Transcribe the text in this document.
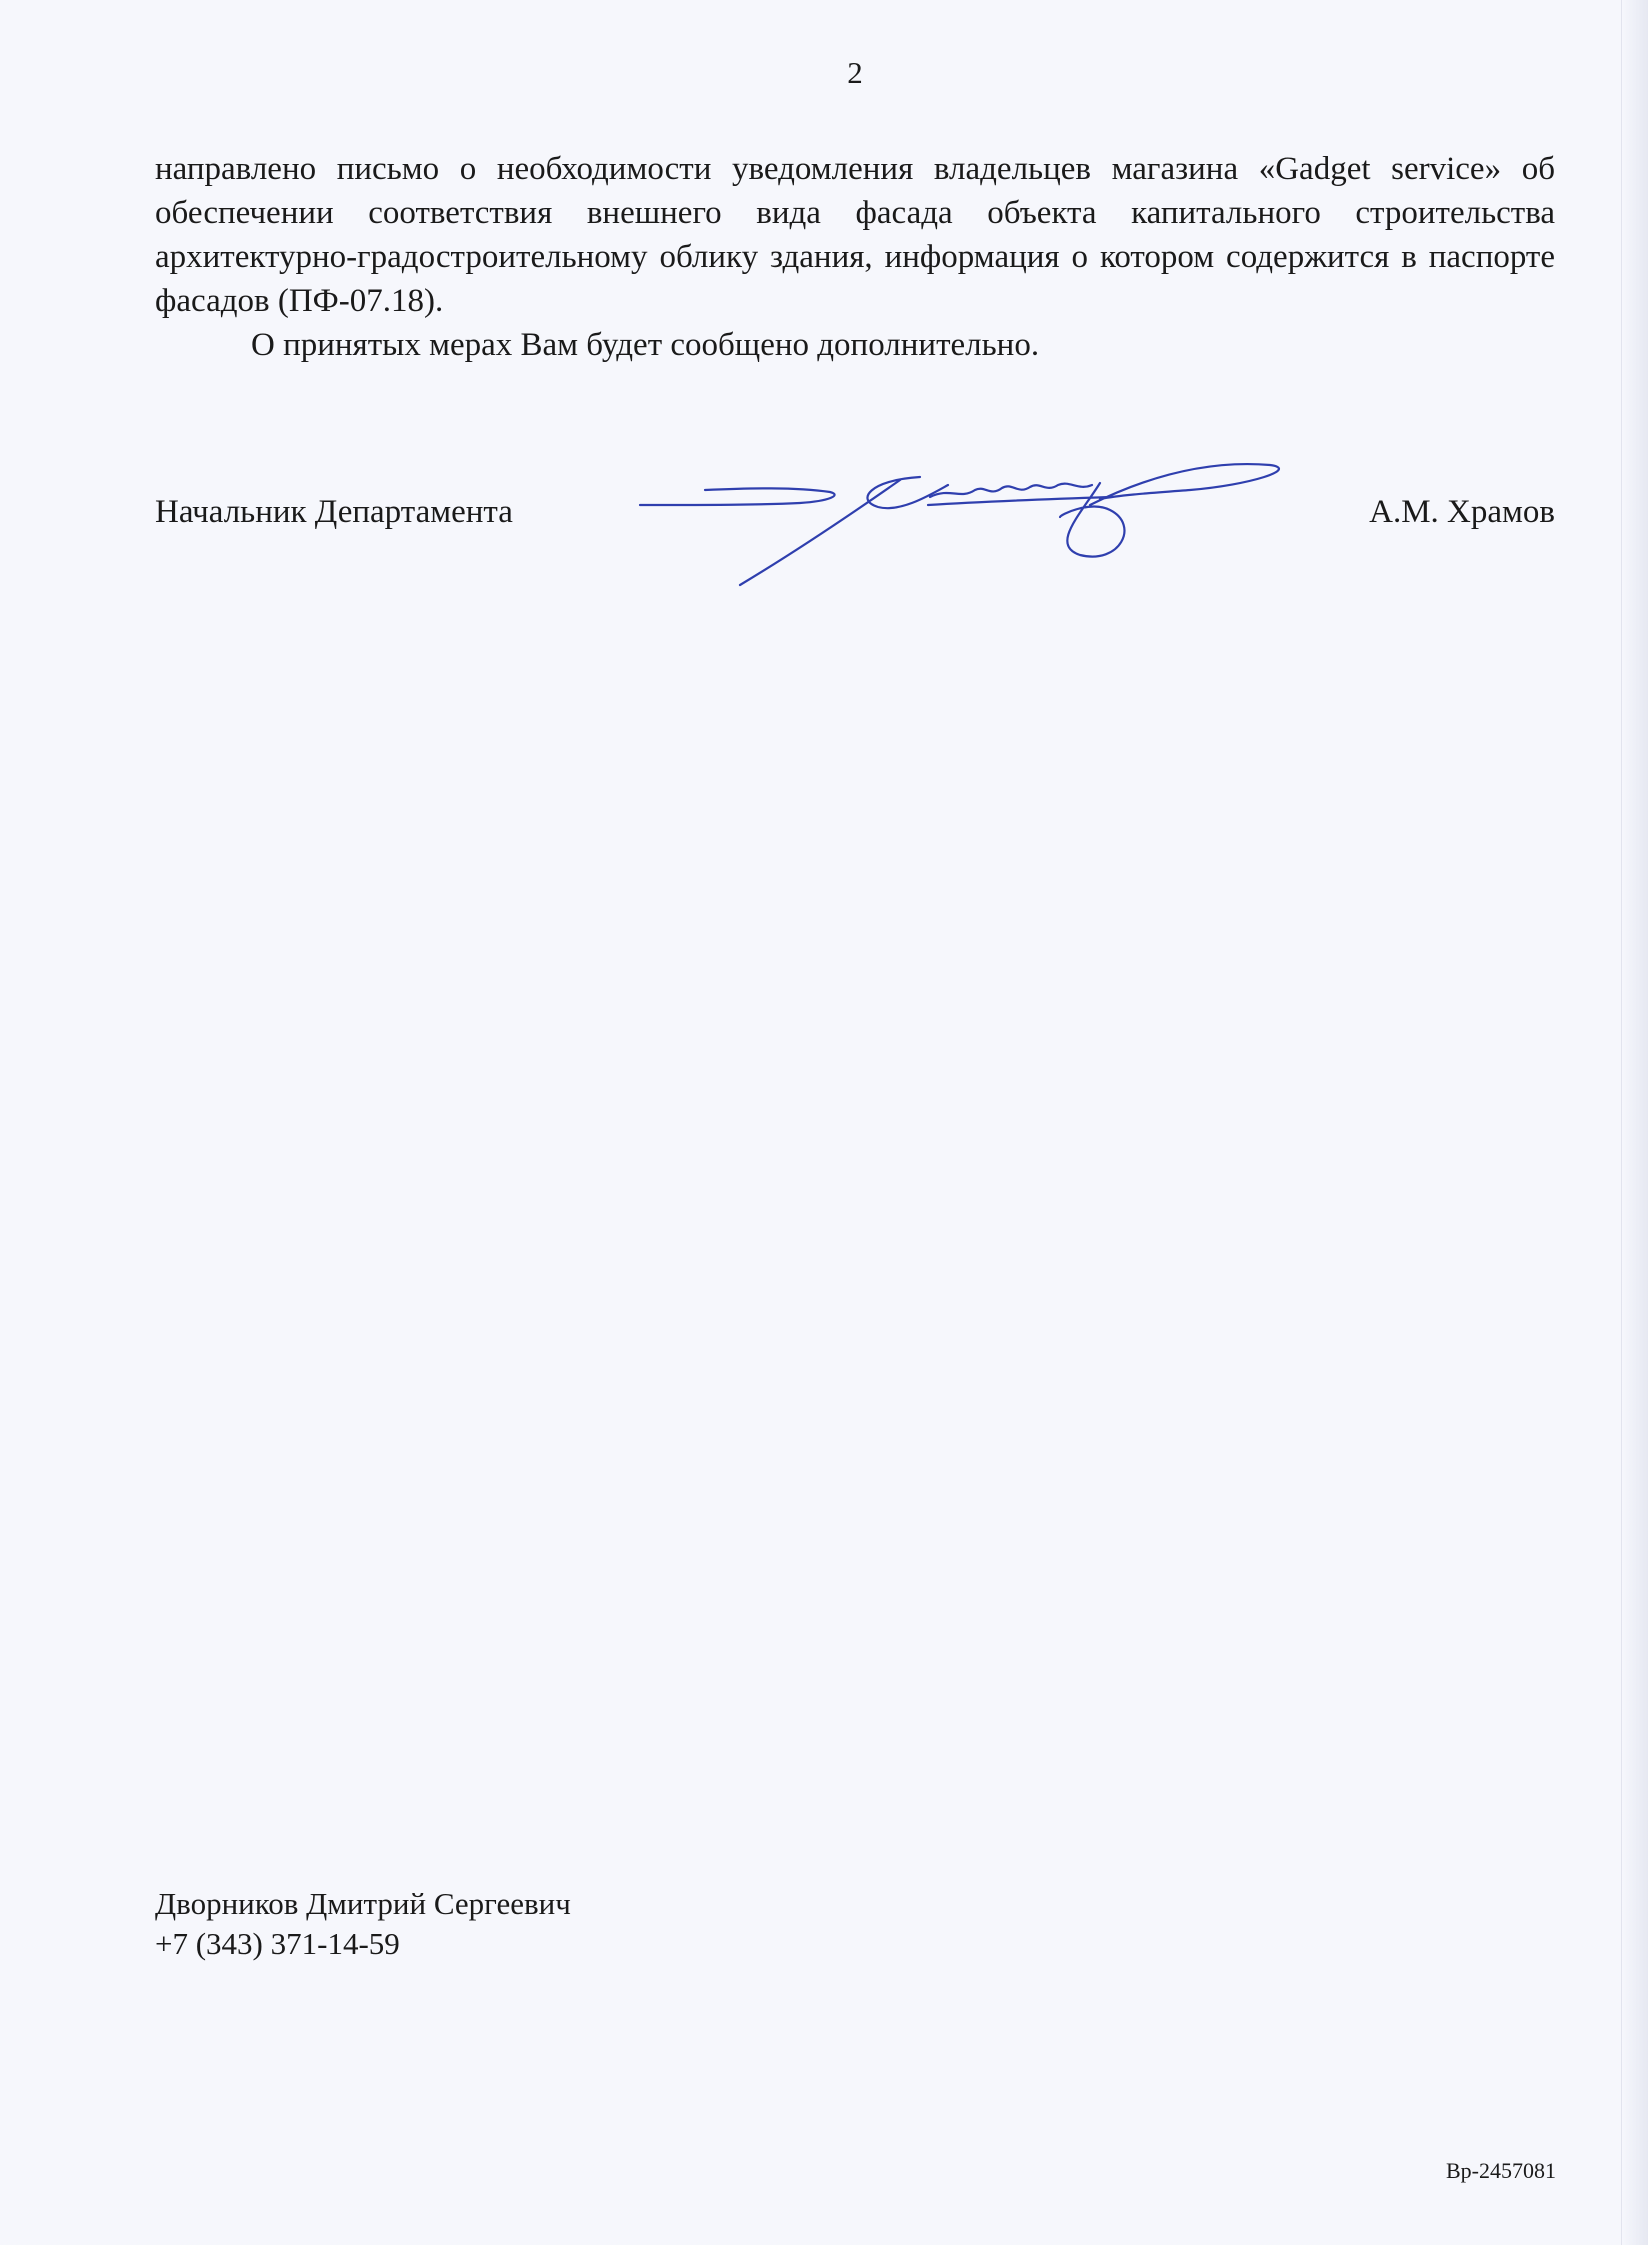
2

направлено письмо о необходимости уведомления владельцев магазина «Gadget service» об обеспечении соответствия внешнего вида фасада объекта капитального строительства архитектурно-градостроительному облику здания, информация о котором содержится в паспорте фасадов (ПФ-07.18).

О принятых мерах Вам будет сообщено дополнительно.

Начальник Департамента	А.М. Храмов
Дворников Дмитрий Сергеевич
+7 (343) 371-14-59
Вр-2457081
